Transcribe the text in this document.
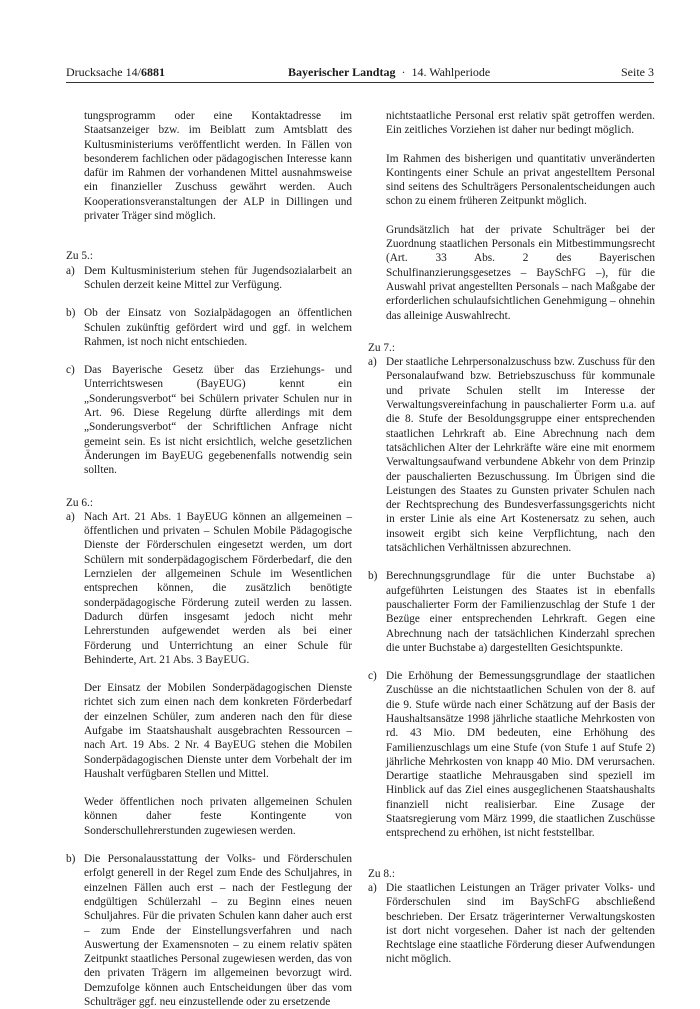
Drucksache 14/6881	Bayerischer Landtag · 14. Wahlperiode	Seite 3

tungsprogramm oder eine Kontaktadresse im Staatsanzeiger bzw. im Beiblatt zum Amtsblatt des Kultusministeriums veröffentlicht werden. In Fällen von besonderem fachlichen oder pädagogischen Interesse kann dafür im Rahmen der vorhandenen Mittel ausnahmsweise ein finanzieller Zuschuss gewährt werden. Auch Kooperationsveranstaltungen der ALP in Dillingen und privater Träger sind möglich.

Zu 5.:

a) Dem Kultusministerium stehen für Jugendsozialarbeit an Schulen derzeit keine Mittel zur Verfügung.

b) Ob der Einsatz von Sozialpädagogen an öffentlichen Schulen zukünftig gefördert wird und ggf. in welchem Rahmen, ist noch nicht entschieden.

c) Das Bayerische Gesetz über das Erziehungs- und Unterrichtswesen (BayEUG) kennt ein „Sonderungsverbot“ bei Schülern privater Schulen nur in Art. 96. Diese Regelung dürfte allerdings mit dem „Sonderungsverbot“ der Schriftlichen Anfrage nicht gemeint sein. Es ist nicht ersichtlich, welche gesetzlichen Änderungen im BayEUG gegebenenfalls notwendig sein sollten.

Zu 6.:

a) Nach Art. 21 Abs. 1 BayEUG können an allgemeinen – öffentlichen und privaten – Schulen Mobile Pädagogische Dienste der Förderschulen eingesetzt werden, um dort Schülern mit sonderpädagogischem Förderbedarf, die den Lernzielen der allgemeinen Schule im Wesentlichen entsprechen können, die zusätzlich benötigte sonderpädagogische Förderung zuteil werden zu lassen. Dadurch dürfen insgesamt jedoch nicht mehr Lehrerstunden aufgewendet werden als bei einer Förderung und Unterrichtung an einer Schule für Behinderte, Art. 21 Abs. 3 BayEUG.

Der Einsatz der Mobilen Sonderpädagogischen Dienste richtet sich zum einen nach dem konkreten Förderbedarf der einzelnen Schüler, zum anderen nach den für diese Aufgabe im Staatshaushalt ausgebrachten Ressourcen – nach Art. 19 Abs. 2 Nr. 4 BayEUG stehen die Mobilen Sonderpädagogischen Dienste unter dem Vorbehalt der im Haushalt verfügbaren Stellen und Mittel.

Weder öffentlichen noch privaten allgemeinen Schulen können daher feste Kontingente von Sonderschullehrerstunden zugewiesen werden.

b) Die Personalausstattung der Volks- und Förderschulen erfolgt generell in der Regel zum Ende des Schuljahres, in einzelnen Fällen auch erst – nach der Festlegung der endgültigen Schülerzahl – zu Beginn eines neuen Schuljahres. Für die privaten Schulen kann daher auch erst – zum Ende der Einstellungsverfahren und nach Auswertung der Examensnoten – zu einem relativ späten Zeitpunkt staatliches Personal zugewiesen werden, das von den privaten Trägern im allgemeinen bevorzugt wird. Demzufolge können auch Entscheidungen über das vom Schulträger ggf. neu einzustellende oder zu ersetzende

nichtstaatliche Personal erst relativ spät getroffen werden. Ein zeitliches Vorziehen ist daher nur bedingt möglich.

Im Rahmen des bisherigen und quantitativ unveränderten Kontingents einer Schule an privat angestelltem Personal sind seitens des Schulträgers Personalentscheidungen auch schon zu einem früheren Zeitpunkt möglich.

Grundsätzlich hat der private Schulträger bei der Zuordnung staatlichen Personals ein Mitbestimmungsrecht (Art. 33 Abs. 2 des Bayerischen Schulfinanzierungsgesetzes – BaySchFG –), für die Auswahl privat angestellten Personals – nach Maßgabe der erforderlichen schulaufsichtlichen Genehmigung – ohnehin das alleinige Auswahlrecht.

Zu 7.:

a) Der staatliche Lehrpersonalzuschuss bzw. Zuschuss für den Personalaufwand bzw. Betriebszuschuss für kommunale und private Schulen stellt im Interesse der Verwaltungsvereinfachung in pauschalierter Form u.a. auf die 8. Stufe der Besoldungsgruppe einer entsprechenden staatlichen Lehrkraft ab. Eine Abrechnung nach dem tatsächlichen Alter der Lehrkräfte wäre eine mit enormem Verwaltungsaufwand verbundene Abkehr von dem Prinzip der pauschalierten Bezuschussung. Im Übrigen sind die Leistungen des Staates zu Gunsten privater Schulen nach der Rechtsprechung des Bundesverfassungsgerichts nicht in erster Linie als eine Art Kostenersatz zu sehen, auch insoweit ergibt sich keine Verpflichtung, nach den tatsächlichen Verhältnissen abzurechnen.

b) Berechnungsgrundlage für die unter Buchstabe a) aufgeführten Leistungen des Staates ist in ebenfalls pauschalierter Form der Familienzuschlag der Stufe 1 der Bezüge einer entsprechenden Lehrkraft. Gegen eine Abrechnung nach der tatsächlichen Kinderzahl sprechen die unter Buchstabe a) dargestellten Gesichtspunkte.

c) Die Erhöhung der Bemessungsgrundlage der staatlichen Zuschüsse an die nichtstaatlichen Schulen von der 8. auf die 9. Stufe würde nach einer Schätzung auf der Basis der Haushaltsansätze 1998 jährliche staatliche Mehrkosten von rd. 43 Mio. DM bedeuten, eine Erhöhung des Familienzuschlags um eine Stufe (von Stufe 1 auf Stufe 2) jährliche Mehrkosten von knapp 40 Mio. DM verursachen. Derartige staatliche Mehrausgaben sind speziell im Hinblick auf das Ziel eines ausgeglichenen Staatshaushalts finanziell nicht realisierbar. Eine Zusage der Staatsregierung vom März 1999, die staatlichen Zuschüsse entsprechend zu erhöhen, ist nicht feststellbar.

Zu 8.:

a) Die staatlichen Leistungen an Träger privater Volks- und Förderschulen sind im BaySchFG abschließend beschrieben. Der Ersatz trägerinterner Verwaltungskosten ist dort nicht vorgesehen. Daher ist nach der geltenden Rechtslage eine staatliche Förderung dieser Aufwendungen nicht möglich.
